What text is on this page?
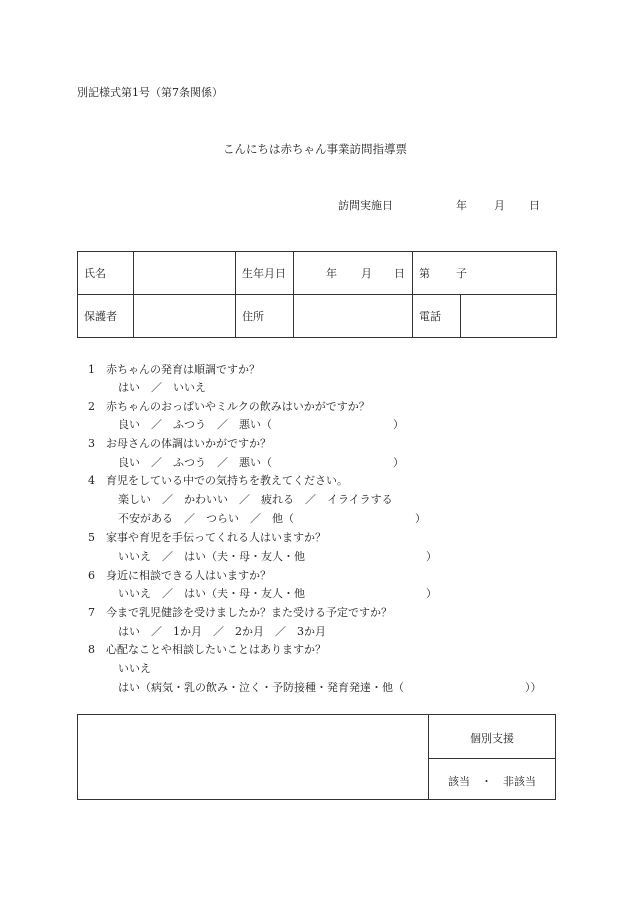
別記様式第1号（第7条関係）
こんにちは赤ちゃん事業訪問指導票
訪問実施日	年 月 日
氏名		生年月日	年 月 日	第 子	
保護者		住所		電話	
1 赤ちゃんの発育は順調ですか？
はい　／　いいえ
2 赤ちゃんのおっぱいやミルクの飲みはいかがですか？
良い　／　ふつう　／　悪い（　　　　　　　　　　　）
3 お母さんの体調はいかがですか？
良い　／　ふつう　／　悪い（　　　　　　　　　　　）
4 育児をしている中での気持ちを教えてください。
楽しい　／　かわいい　／　疲れる　／　イライラする
不安がある　／　つらい　／　他（　　　　　　　　　　　）
5 家事や育児を手伝ってくれる人はいますか？
いいえ　／　はい（夫・母・友人・他　　　　　　　　　　　）
6 身近に相談できる人はいますか？
いいえ　／　はい（夫・母・友人・他　　　　　　　　　　　）
7 今まで乳児健診を受けましたか？また受ける予定ですか？
はい　／　1か月　／　2か月　／　3か月
8 心配なことや相談したいことはありますか？
いいえ
はい（病気・乳の飲み・泣く・予防接種・発育発達・他（　　　　　　　　　　　））
個別支援
該当　・　非該当
